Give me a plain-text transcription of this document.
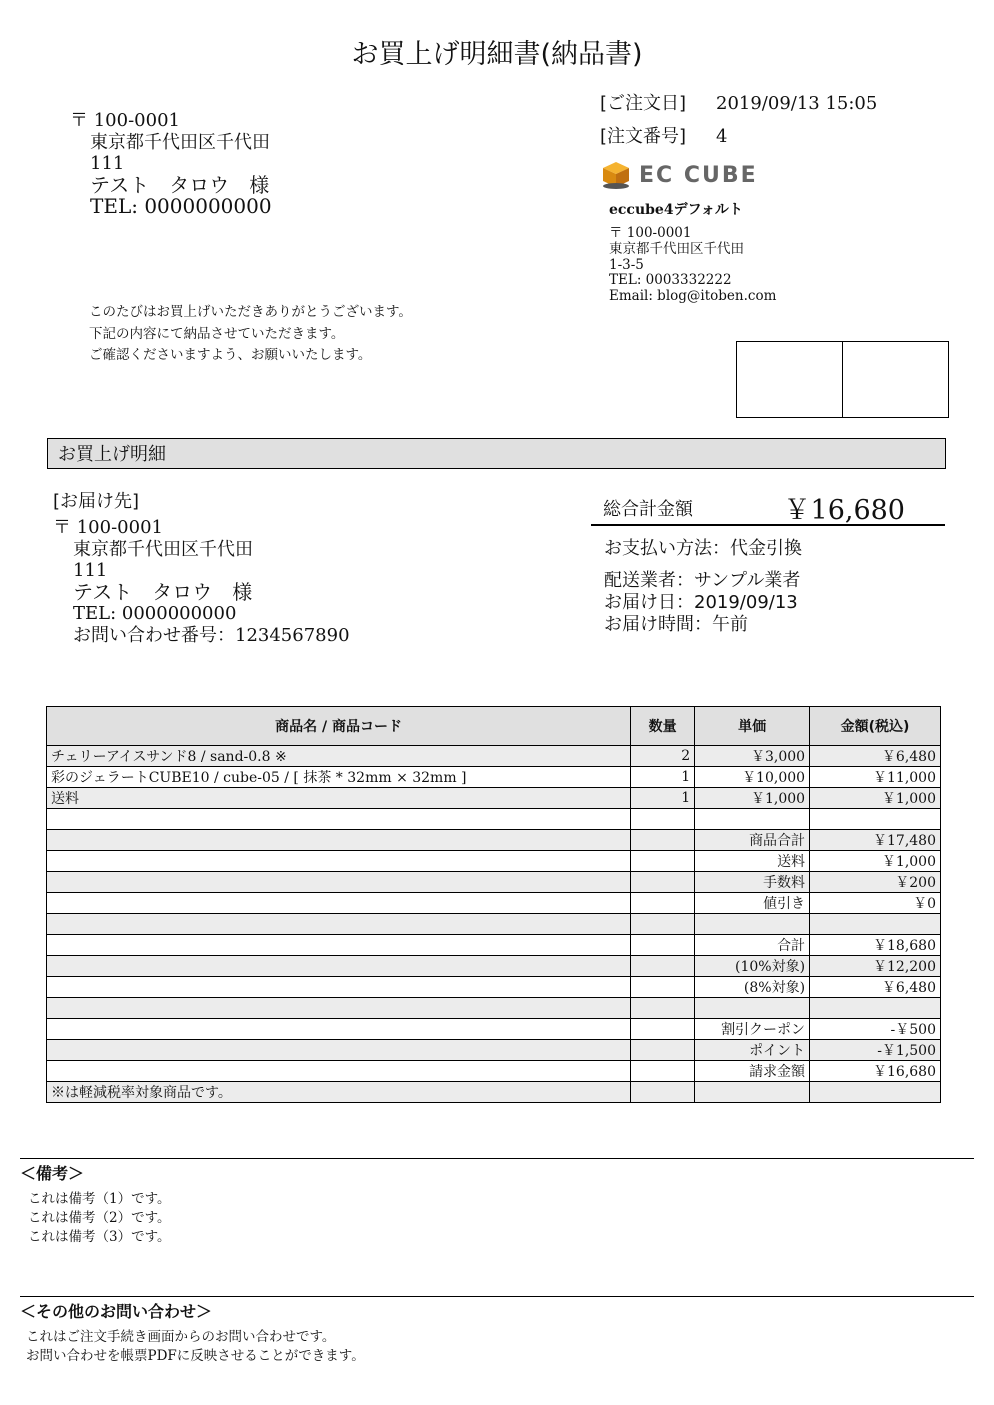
お買上げ明細書(納品書)
〒 100-0001
東京都千代田区千代田
111
テスト　タロウ　様
TEL: 0000000000
このたびはお買上げいただきありがとうございます。
下記の内容にて納品させていただきます。
ご確認くださいますよう、お願いいたします。
[ご注文日] 2019/09/13 15:05
[注文番号] 4
EC CUBE
eccube4デフォルト
〒 100-0001
東京都千代田区千代田
1-3-5
TEL: 0003332222
Email: blog@itoben.com
お買上げ明細
[お届け先]
〒 100-0001
東京都千代田区千代田
111
テスト　タロウ　様
TEL: 0000000000
お問い合わせ番号：1234567890
総合計金額	￥16,680
お支払い方法：代金引換
配送業者：サンプル業者
お届け日：2019/09/13
お届け時間：午前
商品名 / 商品コード	数量	単価	金額(税込)
チェリーアイスサンド8 / sand-0.8 ※	2	￥3,000	￥6,480
彩のジェラートCUBE10 / cube-05 / [ 抹茶 * 32mm × 32mm ]	1	￥10,000	￥11,000
送料	1	￥1,000	￥1,000

		商品合計	￥17,480
		送料	￥1,000
		手数料	￥200
		値引き	￥0

		合計	￥18,680
		(10%対象)	￥12,200
		(8%対象)	￥6,480

		割引クーポン	-￥500
		ポイント	-￥1,500
		請求金額	￥16,680
※は軽減税率対象商品です。			
＜備考＞
これは備考（1）です。
これは備考（2）です。
これは備考（3）です。
＜その他のお問い合わせ＞
これはご注文手続き画面からのお問い合わせです。
お問い合わせを帳票PDFに反映させることができます。
